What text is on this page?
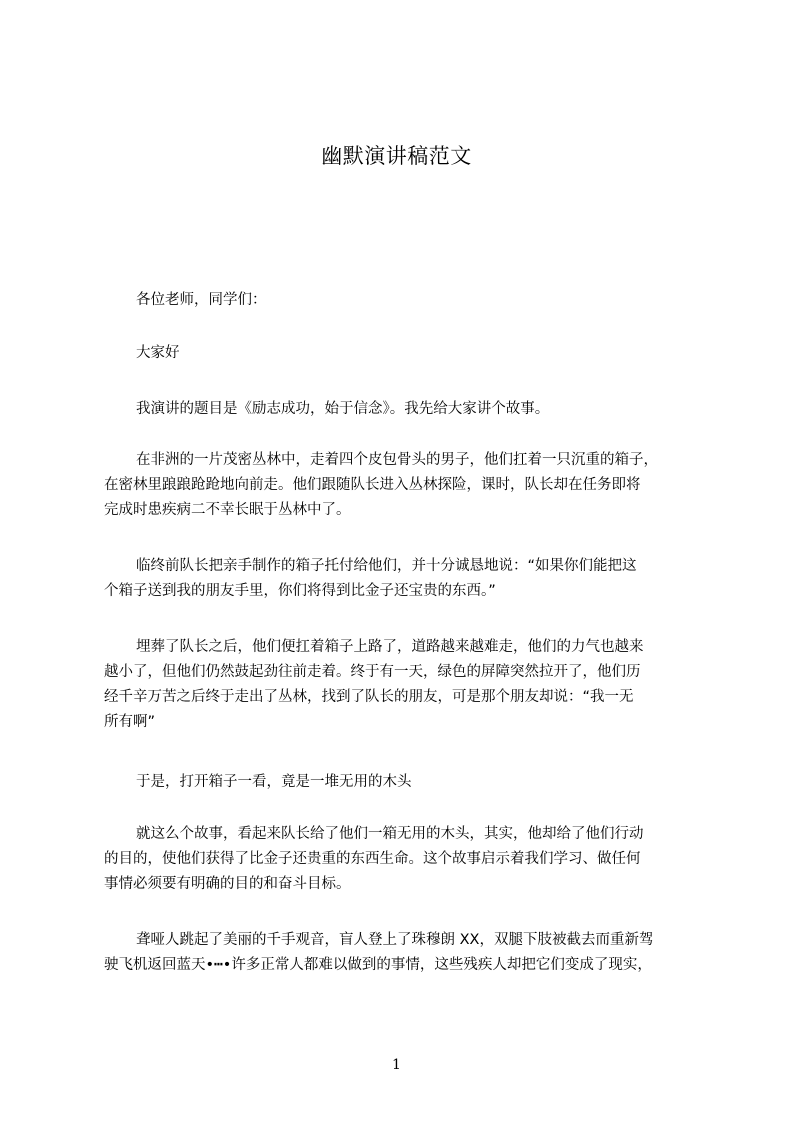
幽默演讲稿范文
各位老师，同学们：
大家好
我演讲的题目是《励志成功，始于信念》。我先给大家讲个故事。
在非洲的一片茂密丛林中，走着四个皮包骨头的男子，他们扛着一只沉重的箱子，
在密林里踉踉跄跄地向前走。他们跟随队长进入丛林探险，课时，队长却在任务即将
完成时患疾病二不幸长眠于丛林中了。
临终前队长把亲手制作的箱子托付给他们，并十分诚恳地说：“如果你们能把这
个箱子送到我的朋友手里，你们将得到比金子还宝贵的东西。”
埋葬了队长之后，他们便扛着箱子上路了，道路越来越难走，他们的力气也越来
越小了，但他们仍然鼓起劲往前走着。终于有一天，绿色的屏障突然拉开了，他们历
经千辛万苦之后终于走出了丛林，找到了队长的朋友，可是那个朋友却说：“我一无
所有啊”
于是，打开箱子一看，竟是一堆无用的木头
就这么个故事，看起来队长给了他们一箱无用的木头，其实，他却给了他们行动
的目的，使他们获得了比金子还贵重的东西生命。这个故事启示着我们学习、做任何
事情必须要有明确的目的和奋斗目标。
聋哑人跳起了美丽的千手观音，盲人登上了珠穆朗 XX，双腿下肢被截去而重新驾
驶飞机返回蓝天•┅•许多正常人都难以做到的事情，这些残疾人却把它们变成了现实，
1
